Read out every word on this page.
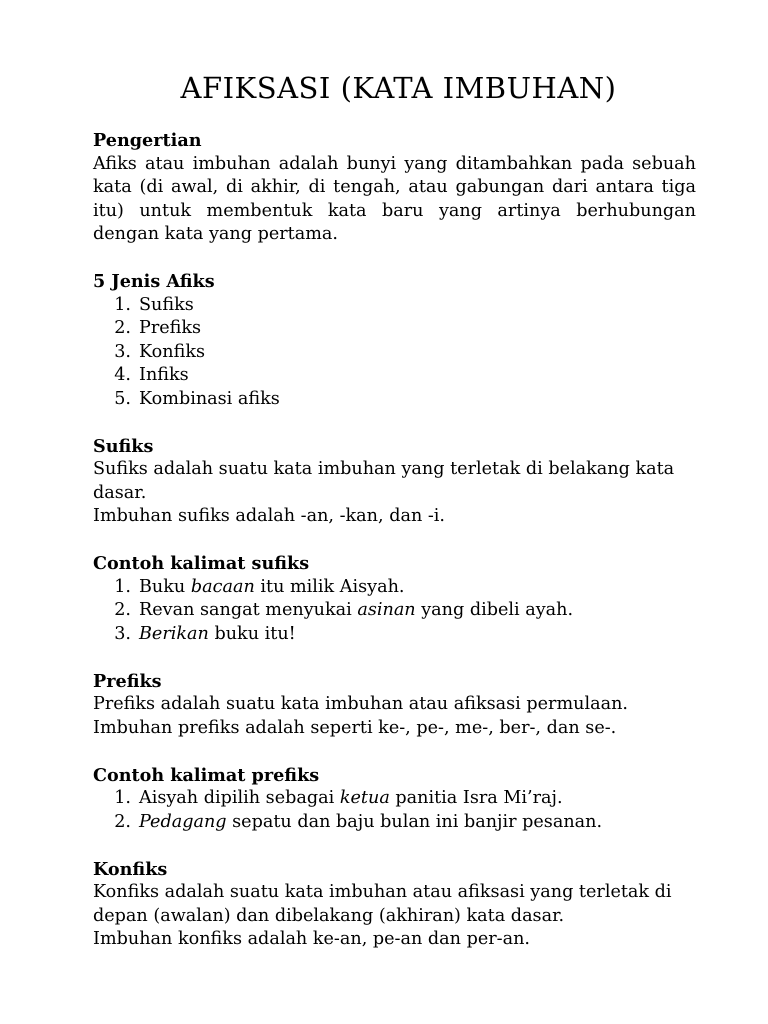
AFIKSASI (KATA IMBUHAN)
Pengertian

Afiks atau imbuhan adalah bunyi yang ditambahkan pada sebuah kata (di awal, di akhir, di tengah, atau gabungan dari antara tiga itu) untuk membentuk kata baru yang artinya berhubungan dengan kata yang pertama.

5 Jenis Afiks
1. Sufiks
2. Prefiks
3. Konfiks
4. Infiks
5. Kombinasi afiks
Sufiks

Sufiks adalah suatu kata imbuhan yang terletak di belakang kata dasar.

Imbuhan sufiks adalah -an, -kan, dan -i.

Contoh kalimat sufiks
1. Buku bacaan itu milik Aisyah.
2. Revan sangat menyukai asinan yang dibeli ayah.
3. Berikan buku itu!
Prefiks

Prefiks adalah suatu kata imbuhan atau afiksasi permulaan.

Imbuhan prefiks adalah seperti ke-, pe-, me-, ber-, dan se-.

Contoh kalimat prefiks
1. Aisyah dipilih sebagai ketua panitia Isra Mi’raj.
2. Pedagang sepatu dan baju bulan ini banjir pesanan.
Konfiks

Konfiks adalah suatu kata imbuhan atau afiksasi yang terletak di depan (awalan) dan dibelakang (akhiran) kata dasar.

Imbuhan konfiks adalah ke-an, pe-an dan per-an.
